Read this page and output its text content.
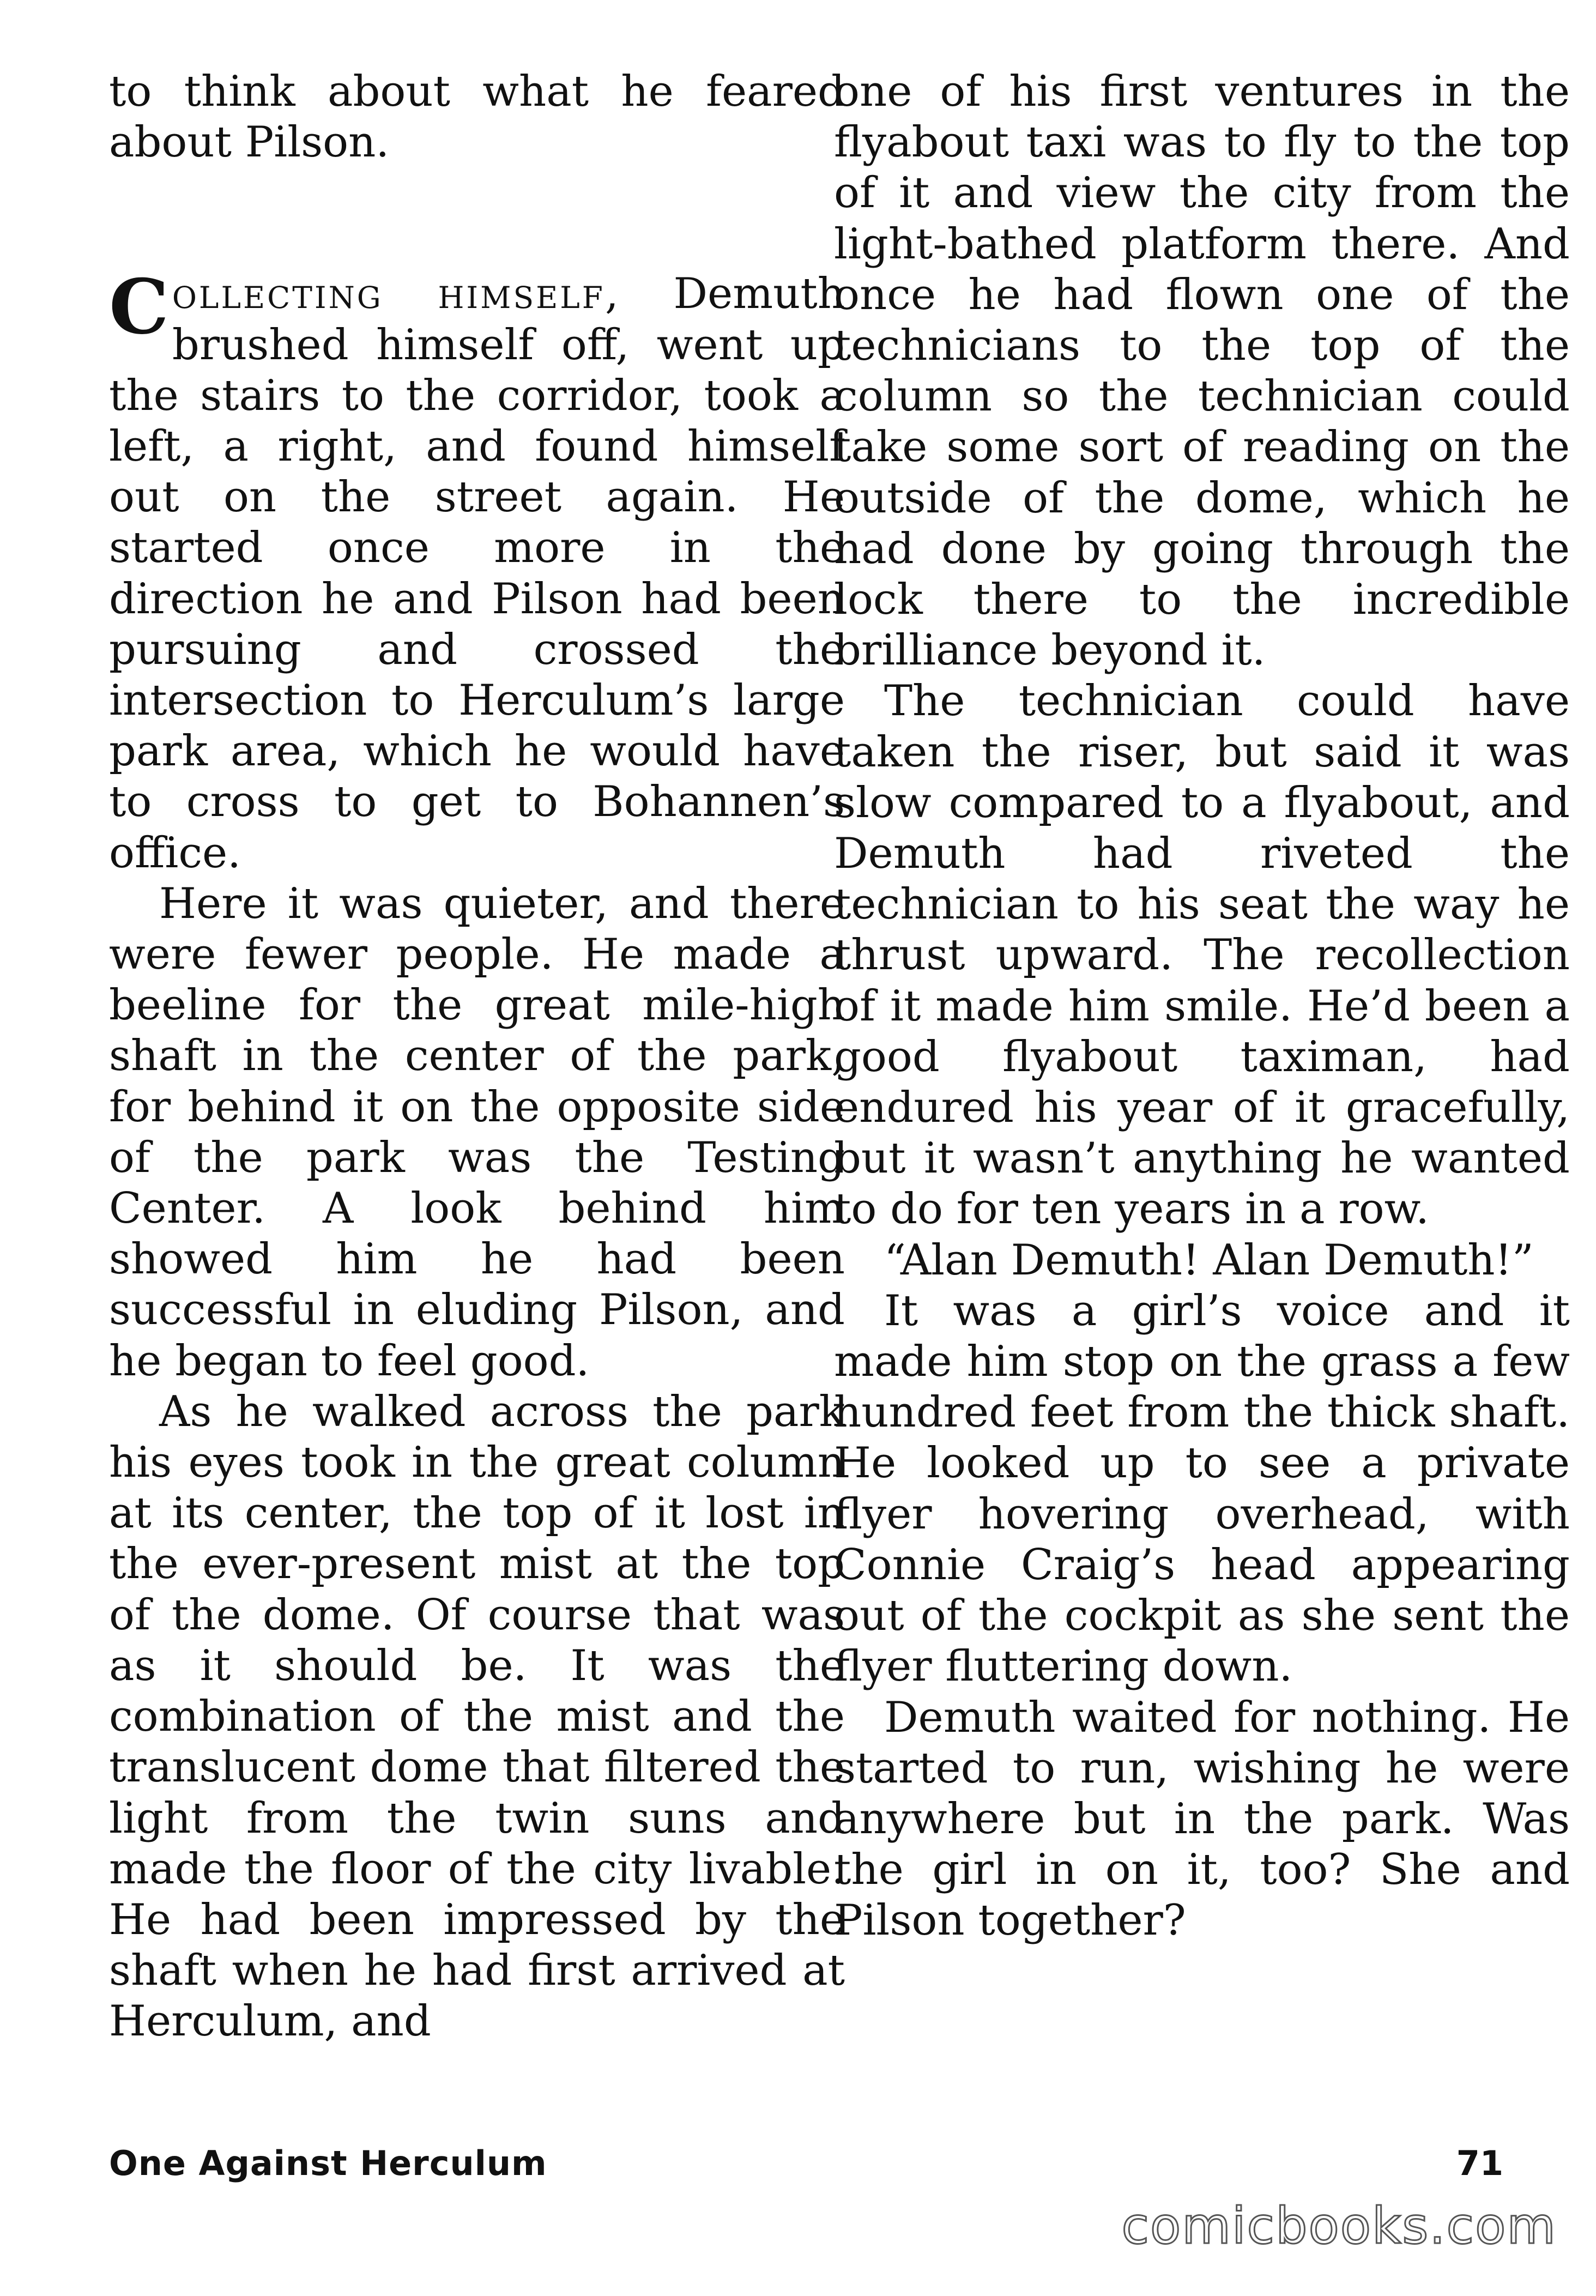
to think about what he feared about Pilson.

Collecting himself, Demuth brushed himself off, went up the stairs to the corridor, took a left, a right, and found himself out on the street again. He started once more in the direction he and Pilson had been pursuing and crossed the intersection to Herculum’s large park area, which he would have to cross to get to Bohannen’s office.

Here it was quieter, and there were fewer people. He made a beeline for the great mile-high shaft in the center of the park, for behind it on the opposite side of the park was the Testing Center. A look behind him showed him he had been successful in eluding Pilson, and he began to feel good.

As he walked across the park his eyes took in the great column at its center, the top of it lost in the ever-present mist at the top of the dome. Of course that was as it should be. It was the combination of the mist and the translucent dome that filtered the light from the twin suns and made the floor of the city livable. He had been impressed by the shaft when he had first arrived at Herculum, and

one of his first ventures in the flyabout taxi was to fly to the top of it and view the city from the light-bathed platform there. And once he had flown one of the technicians to the top of the column so the technician could take some sort of reading on the outside of the dome, which he had done by going through the lock there to the incredible brilliance beyond it.

The technician could have taken the riser, but said it was slow compared to a flyabout, and Demuth had riveted the technician to his seat the way he thrust upward. The recollection of it made him smile. He’d been a good flyabout taximan, had endured his year of it gracefully, but it wasn’t anything he wanted to do for ten years in a row.

“Alan Demuth! Alan Demuth!”

It was a girl’s voice and it made him stop on the grass a few hundred feet from the thick shaft. He looked up to see a private flyer hovering overhead, with Connie Craig’s head appearing out of the cockpit as she sent the flyer fluttering down.

Demuth waited for nothing. He started to run, wishing he were anywhere but in the park. Was the girl in on it, too? She and Pilson together?

One Against Herculum	71
comicbooks.com
